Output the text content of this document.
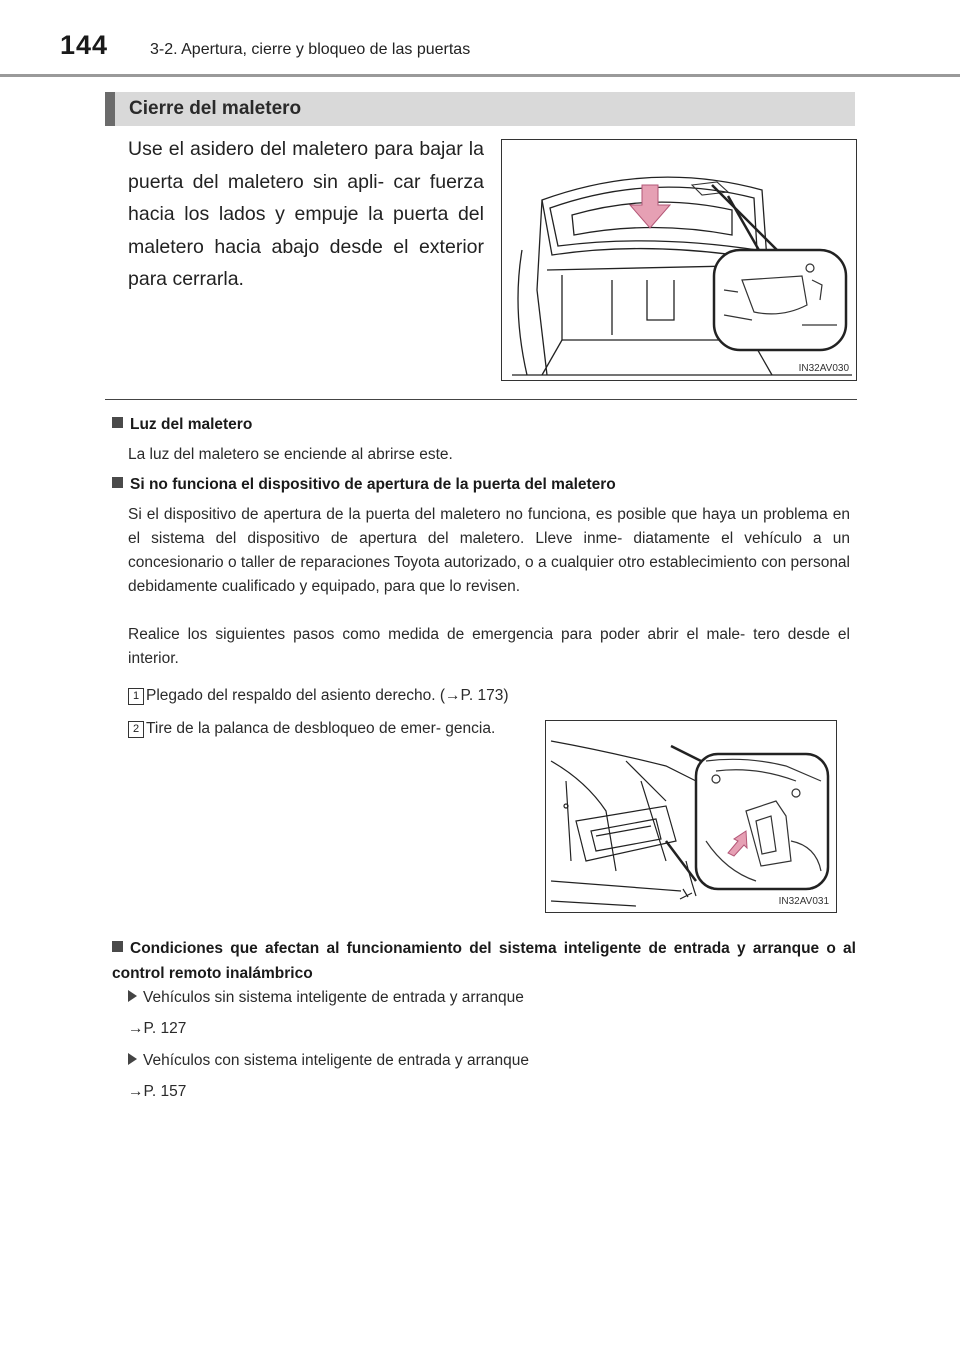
144	3-2. Apertura, cierre y bloqueo de las puertas
Cierre del maletero
Use el asidero del maletero para bajar la puerta del maletero sin apli- car fuerza hacia los lados y empuje la puerta del maletero hacia abajo desde el exterior para cerrarla.
IN32AV030
Luz del maletero
La luz del maletero se enciende al abrirse este.
Si no funciona el dispositivo de apertura de la puerta del maletero
Si el dispositivo de apertura de la puerta del maletero no funciona, es posible que haya un problema en el sistema del dispositivo de apertura del maletero. Lleve inme- diatamente el vehículo a un concesionario o taller de reparaciones Toyota autorizado, o a cualquier otro establecimiento con personal debidamente cualificado y equipado, para que lo revisen.
Realice los siguientes pasos como medida de emergencia para poder abrir el male- tero desde el interior.
1 Plegado del respaldo del asiento derecho. (→P. 173)
2 Tire de la palanca de desbloqueo de emer- gencia.
IN32AV031
Condiciones que afectan al funcionamiento del sistema inteligente de entrada y arranque o al control remoto inalámbrico
Vehículos sin sistema inteligente de entrada y arranque
→P. 127
Vehículos con sistema inteligente de entrada y arranque
→P. 157
